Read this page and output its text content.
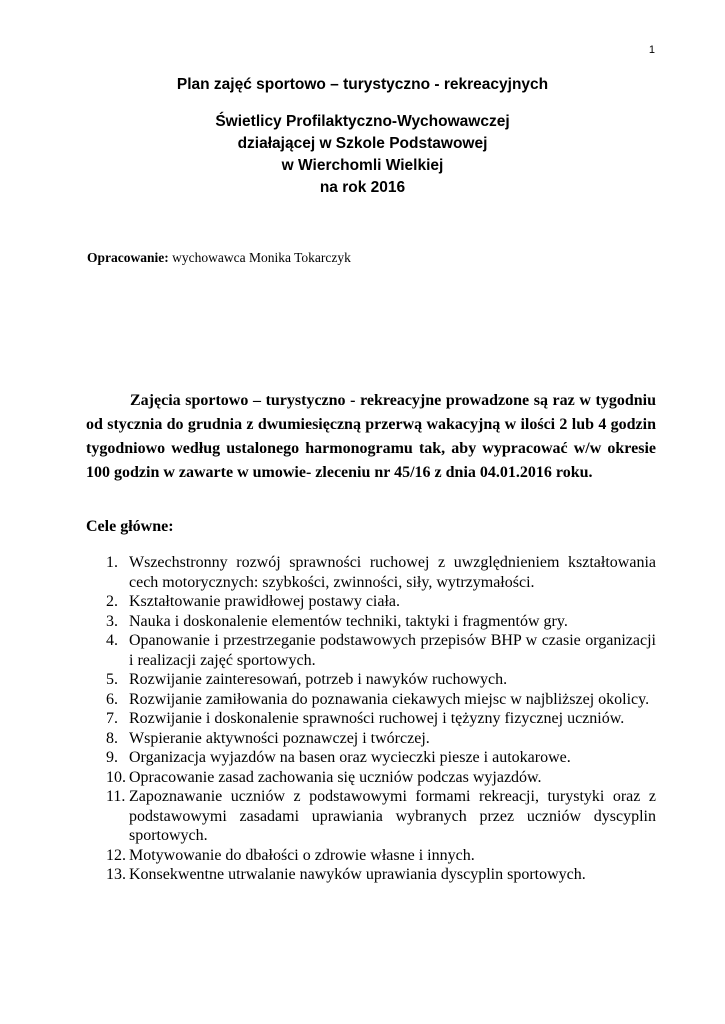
1
Plan zajęć sportowo – turystyczno - rekreacyjnych
Świetlicy Profilaktyczno-Wychowawczej
działającej w Szkole Podstawowej
w Wierchomli Wielkiej
na rok 2016
Opracowanie: wychowawca Monika Tokarczyk

Zajęcia sportowo – turystyczno - rekreacyjne prowadzone są raz w tygodniu od stycznia do grudnia z dwumiesięczną przerwą wakacyjną w ilości 2 lub 4 godzin tygodniowo według ustalonego harmonogramu tak, aby wypracować w/w okresie 100 godzin w zawarte w umowie- zleceniu nr 45/16 z dnia 04.01.2016 roku.

Cele główne:
1. Wszechstronny rozwój sprawności ruchowej z uwzględnieniem kształtowania cech motorycznych: szybkości, zwinności, siły, wytrzymałości.
2. Kształtowanie prawidłowej postawy ciała.
3. Nauka i doskonalenie elementów techniki, taktyki i fragmentów gry.
4. Opanowanie i przestrzeganie podstawowych przepisów BHP w czasie organizacji i realizacji zajęć sportowych.
5. Rozwijanie zainteresowań, potrzeb i nawyków ruchowych.
6. Rozwijanie zamiłowania do poznawania ciekawych miejsc w najbliższej okolicy.
7. Rozwijanie i doskonalenie sprawności ruchowej i tężyzny fizycznej uczniów.
8. Wspieranie aktywności poznawczej i twórczej.
9. Organizacja wyjazdów na basen oraz wycieczki piesze i autokarowe.
10. Opracowanie zasad zachowania się uczniów podczas wyjazdów.
11. Zapoznawanie uczniów z podstawowymi formami rekreacji, turystyki oraz z podstawowymi zasadami uprawiania wybranych przez uczniów dyscyplin sportowych.
12. Motywowanie do dbałości o zdrowie własne i innych.
13. Konsekwentne utrwalanie nawyków uprawiania dyscyplin sportowych.
